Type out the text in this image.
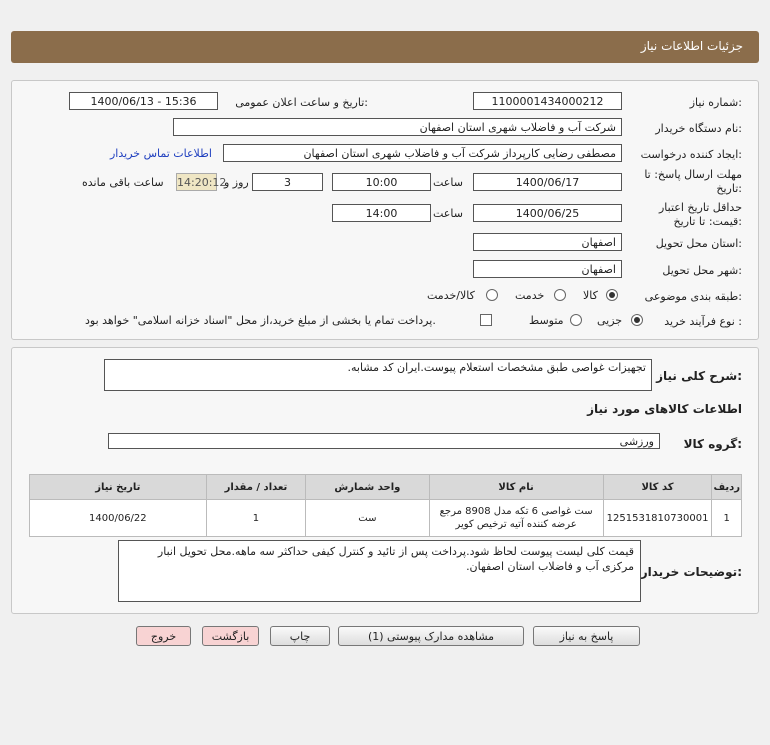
جزئیات اطلاعات نیاز
شماره نیاز:
1100001434000212
تاریخ و ساعت اعلان عمومی:
1400/06/13 - 15:36
نام دستگاه خریدار:
شرکت آب و فاضلاب شهری استان اصفهان
ایجاد کننده درخواست:
مصطفی رضایی کارپرداز شرکت آب و فاضلاب شهری استان اصفهان
اطلاعات تماس خریدار
مهلت ارسال پاسخ: تا
تاریخ:
1400/06/17
ساعت
10:00
3
روز و
14:20:12
ساعت باقی مانده
حداقل تاریخ اعتبار
قیمت: تا تاریخ:
1400/06/25
ساعت
14:00
استان محل تحویل:
اصفهان
شهر محل تحویل:
اصفهان
طبقه بندی موضوعی:
کالا
خدمت
کالا/خدمت
نوع فرآیند خرید :
جزیی
متوسط
پرداخت تمام یا بخشی از مبلغ خرید،از محل "اسناد خزانه اسلامی" خواهد بود.
شرح کلی نیاز:
تجهیزات غواصی طبق مشخصات استعلام پیوست.ایران کد مشابه.
اطلاعات کالاهای مورد نیاز
گروه کالا:
ورزشی
ردیف	کد کالا	نام کالا	واحد شمارش	تعداد / مقدار	تاریخ نیاز
1	1251531810730001	ست غواصی 6 تکه مدل 8908 مرجع عرضه کننده آتیه ترخیص کویر	ست	1	1400/06/22
توضیحات خریدار:
قیمت کلی لیست پیوست لحاظ شود.پرداخت پس از تائید و کنترل کیفی حداکثر سه ماهه.محل تحویل انبار مرکزی آب و فاضلاب استان اصفهان.
پاسخ به نیاز
مشاهده مدارک پیوستی (1)
چاپ
بازگشت
خروج
